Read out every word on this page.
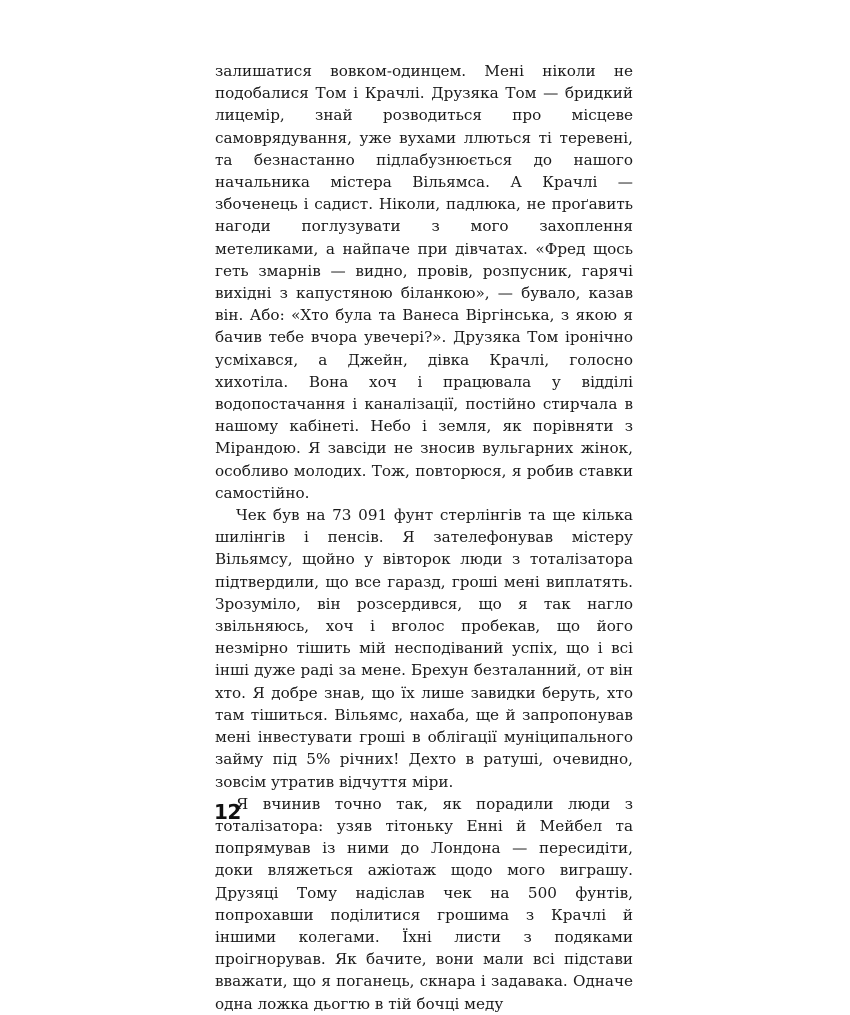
залишатися вовком-одинцем. Мені ніколи не подобалися Том і Крачлі. Друзяка Том — бридкий лицемір, знай розводиться про місцеве самоврядування, уже вухами ллються ті теревені, та безнастанно підлабузнюється до нашого начальника містера Вільямса. А Крачлі — збоченець і садист. Ніколи, падлюка, не проґавить нагоди поглузувати з мого захоплення метеликами, а найпаче при дівчатах. «Фред щось геть змарнів — видно, провів, розпусник, гарячі вихідні з капустяною біланкою», — бувало, казав він. Або: «Хто була та Ванеса Віргінська, з якою я бачив тебе вчора увечері?». Друзяка Том іронічно усміхався, а Джейн, дівка Крачлі, голосно хихотіла. Вона хоч і працювала у відділі водопостачання і каналізації, постійно стирчала в нашому кабінеті. Небо і земля, як порівняти з Мірандою. Я завсіди не зносив вульгарних жінок, особливо молодих. Тож, повторюся, я робив ставки самостійно.

Чек був на 73 091 фунт стерлінгів та ще кілька шилінгів і пенсів. Я зателефонував містеру Вільямсу, щойно у вівторок люди з тоталізатора підтвердили, що все гаразд, гроші мені виплатять. Зрозуміло, він розсердився, що я так нагло звільняюсь, хоч і вголос пробекав, що його незмірно тішить мій несподіваний успіх, що і всі інші дуже раді за мене. Брехун безталанний, от він хто. Я добре знав, що їх лише завидки беруть, хто там тішиться. Вільямс, нахаба, ще й запропонував мені інвестувати гроші в облігації муніципального займу під 5% річних! Дехто в ратуші, очевидно, зовсім утратив відчуття міри.

Я вчинив точно так, як порадили люди з тоталізатора: узяв тітоньку Енні й Мейбел та попрямував із ними до Лондона — пересидіти, доки вляжеться ажіотаж щодо мого виграшу. Друзяці Тому надіслав чек на 500 фунтів, попрохавши поділитися грошима з Крачлі й іншими колегами. Їхні листи з подяками проігнорував. Як бачите, вони мали всі підстави вважати, що я поганець, скнара і задавака. Одначе одна ложка дьогтю в тій бочці меду

12
